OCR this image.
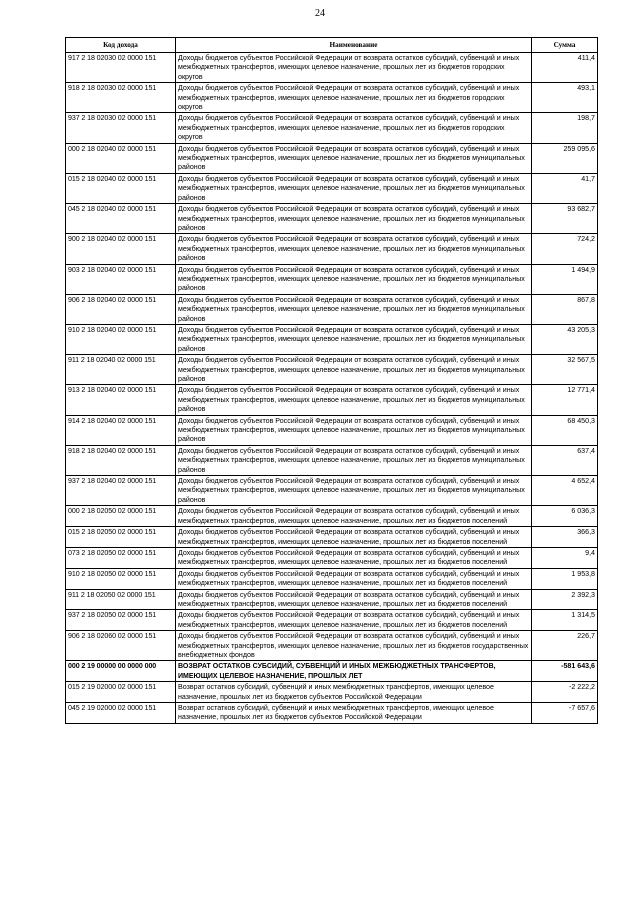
24
Код дохода	Наименование	Сумма
917 2 18 02030 02 0000 151	Доходы бюджетов субъектов Российской Федерации от возврата остатков субсидий, субвенций и иных межбюджетных трансфертов, имеющих целевое назначение, прошлых лет из бюджетов городских округов	411,4
918 2 18 02030 02 0000 151	Доходы бюджетов субъектов Российской Федерации от возврата остатков субсидий, субвенций и иных межбюджетных трансфертов, имеющих целевое назначение, прошлых лет из бюджетов городских округов	493,1
937 2 18 02030 02 0000 151	Доходы бюджетов субъектов Российской Федерации от возврата остатков субсидий, субвенций и иных межбюджетных трансфертов, имеющих целевое назначение, прошлых лет из бюджетов городских округов	198,7
000 2 18 02040 02 0000 151	Доходы бюджетов субъектов Российской Федерации от возврата остатков субсидий, субвенций и иных межбюджетных трансфертов, имеющих целевое назначение, прошлых лет из бюджетов муниципальных районов	259 095,6
015 2 18 02040 02 0000 151	Доходы бюджетов субъектов Российской Федерации от возврата остатков субсидий, субвенций и иных межбюджетных трансфертов, имеющих целевое назначение, прошлых лет из бюджетов муниципальных районов	41,7
045 2 18 02040 02 0000 151	Доходы бюджетов субъектов Российской Федерации от возврата остатков субсидий, субвенций и иных межбюджетных трансфертов, имеющих целевое назначение, прошлых лет из бюджетов муниципальных районов	93 682,7
900 2 18 02040 02 0000 151	Доходы бюджетов субъектов Российской Федерации от возврата остатков субсидий, субвенций и иных межбюджетных трансфертов, имеющих целевое назначение, прошлых лет из бюджетов муниципальных районов	724,2
903 2 18 02040 02 0000 151	Доходы бюджетов субъектов Российской Федерации от возврата остатков субсидий, субвенций и иных межбюджетных трансфертов, имеющих целевое назначение, прошлых лет из бюджетов муниципальных районов	1 494,9
906 2 18 02040 02 0000 151	Доходы бюджетов субъектов Российской Федерации от возврата остатков субсидий, субвенций и иных межбюджетных трансфертов, имеющих целевое назначение, прошлых лет из бюджетов муниципальных районов	867,8
910 2 18 02040 02 0000 151	Доходы бюджетов субъектов Российской Федерации от возврата остатков субсидий, субвенций и иных межбюджетных трансфертов, имеющих целевое назначение, прошлых лет из бюджетов муниципальных районов	43 205,3
911 2 18 02040 02 0000 151	Доходы бюджетов субъектов Российской Федерации от возврата остатков субсидий, субвенций и иных межбюджетных трансфертов, имеющих целевое назначение, прошлых лет из бюджетов муниципальных районов	32 567,5
913 2 18 02040 02 0000 151	Доходы бюджетов субъектов Российской Федерации от возврата остатков субсидий, субвенций и иных межбюджетных трансфертов, имеющих целевое назначение, прошлых лет из бюджетов муниципальных районов	12 771,4
914 2 18 02040 02 0000 151	Доходы бюджетов субъектов Российской Федерации от возврата остатков субсидий, субвенций и иных межбюджетных трансфертов, имеющих целевое назначение, прошлых лет из бюджетов муниципальных районов	68 450,3
918 2 18 02040 02 0000 151	Доходы бюджетов субъектов Российской Федерации от возврата остатков субсидий, субвенций и иных межбюджетных трансфертов, имеющих целевое назначение, прошлых лет из бюджетов муниципальных районов	637,4
937 2 18 02040 02 0000 151	Доходы бюджетов субъектов Российской Федерации от возврата остатков субсидий, субвенций и иных межбюджетных трансфертов, имеющих целевое назначение, прошлых лет из бюджетов муниципальных районов	4 652,4
000 2 18 02050 02 0000 151	Доходы бюджетов субъектов Российской Федерации от возврата остатков субсидий, субвенций и иных межбюджетных трансфертов, имеющих целевое назначение, прошлых лет из бюджетов поселений	6 036,3
015 2 18 02050 02 0000 151	Доходы бюджетов субъектов Российской Федерации от возврата остатков субсидий, субвенций и иных межбюджетных трансфертов, имеющих целевое назначение, прошлых лет из бюджетов поселений	366,3
073 2 18 02050 02 0000 151	Доходы бюджетов субъектов Российской Федерации от возврата остатков субсидий, субвенций и иных межбюджетных трансфертов, имеющих целевое назначение, прошлых лет из бюджетов поселений	9,4
910 2 18 02050 02 0000 151	Доходы бюджетов субъектов Российской Федерации от возврата остатков субсидий, субвенций и иных межбюджетных трансфертов, имеющих целевое назначение, прошлых лет из бюджетов поселений	1 953,8
911 2 18 02050 02 0000 151	Доходы бюджетов субъектов Российской Федерации от возврата остатков субсидий, субвенций и иных межбюджетных трансфертов, имеющих целевое назначение, прошлых лет из бюджетов поселений	2 392,3
937 2 18 02050 02 0000 151	Доходы бюджетов субъектов Российской Федерации от возврата остатков субсидий, субвенций и иных межбюджетных трансфертов, имеющих целевое назначение, прошлых лет из бюджетов поселений	1 314,5
906 2 18 02060 02 0000 151	Доходы бюджетов субъектов Российской Федерации от возврата остатков субсидий, субвенций и иных межбюджетных трансфертов, имеющих целевое назначение, прошлых лет из бюджетов государственных внебюджетных фондов	226,7
000 2 19 00000 00 0000 000	ВОЗВРАТ ОСТАТКОВ СУБСИДИЙ, СУБВЕНЦИЙ И ИНЫХ МЕЖБЮДЖЕТНЫХ ТРАНСФЕРТОВ, ИМЕЮЩИХ ЦЕЛЕВОЕ НАЗНАЧЕНИЕ, ПРОШЛЫХ ЛЕТ	-581 643,6
015 2 19 02000 02 0000 151	Возврат остатков субсидий, субвенций и иных межбюджетных трансфертов, имеющих целевое назначение, прошлых лет из бюджетов субъектов Российской Федерации	-2 222,2
045 2 19 02000 02 0000 151	Возврат остатков субсидий, субвенций и иных межбюджетных трансфертов, имеющих целевое назначение, прошлых лет из бюджетов субъектов Российской Федерации	-7 657,6
